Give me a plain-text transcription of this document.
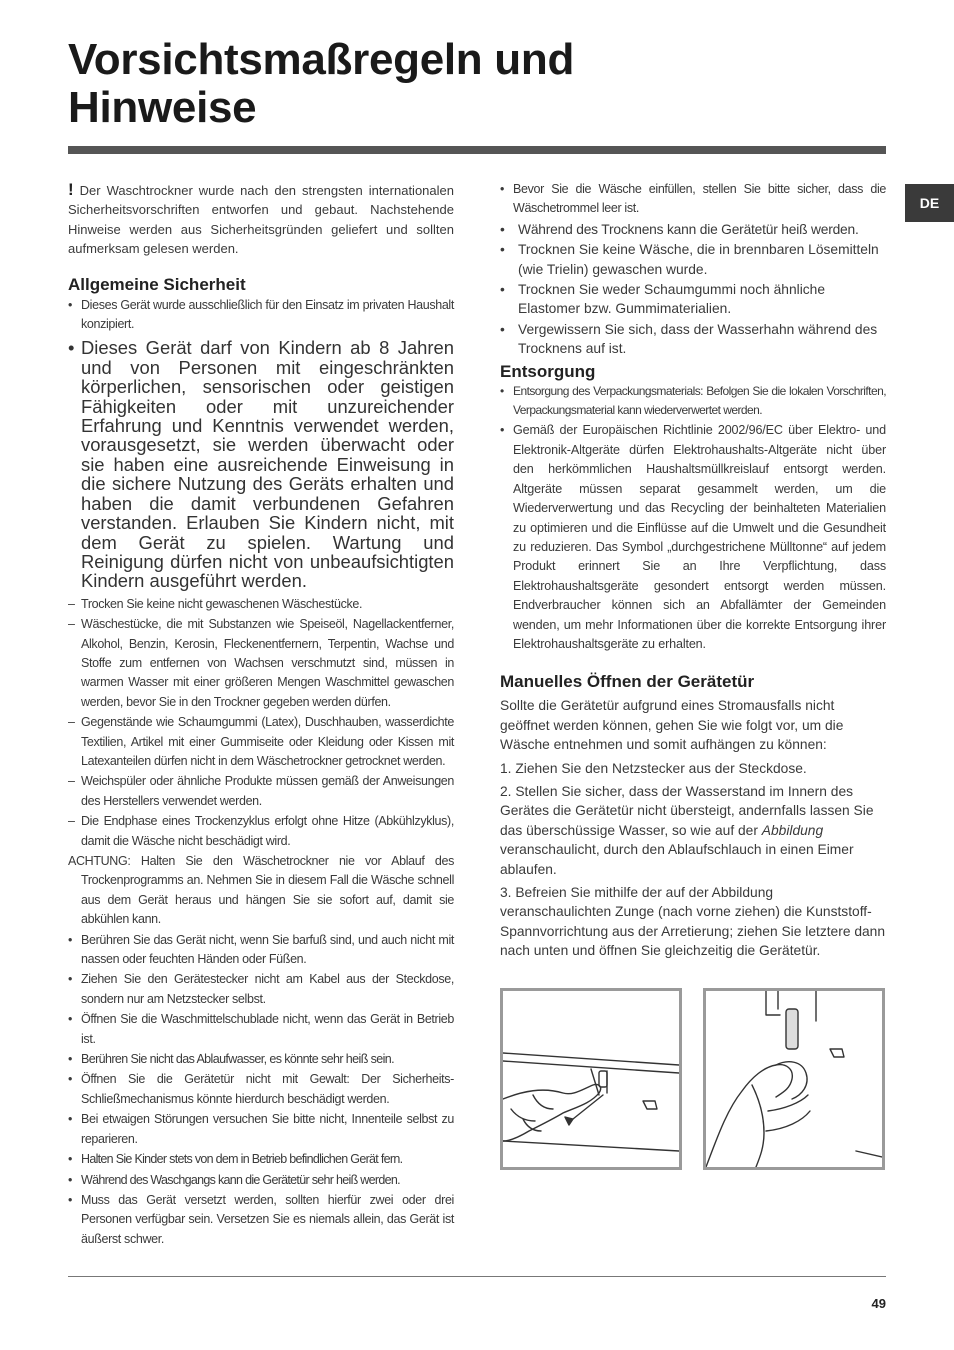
Vorsichtsmaßregeln und
Hinweise
DE

! Der Waschtrockner wurde nach den strengsten internationalen Sicherheitsvorschriften entworfen und gebaut. Nachstehende Hinweise werden aus Sicherheitsgründen geliefert und sollten aufmerksam gelesen werden.

Allgemeine Sicherheit
• Dieses Gerät wurde ausschließlich für den Einsatz im privaten Haushalt konzipiert.
• Dieses Gerät darf von Kindern ab 8 Jahren und von Personen mit eingeschränkten körperlichen, sensorischen oder geistigen Fähigkeiten oder mit unzureichender Erfahrung und Kenntnis verwendet werden, vorausgesetzt, sie werden überwacht oder sie haben eine ausreichende Einweisung in die sichere Nutzung des Geräts erhalten und haben die damit verbundenen Gefahren verstanden. Erlauben Sie Kindern nicht, mit dem Gerät zu spielen. Wartung und Reinigung dürfen nicht von unbeaufsichtigten Kindern ausgeführt werden.
– Trocken Sie keine nicht gewaschenen Wäschestücke.
– Wäschestücke, die mit Substanzen wie Speiseöl, Nagellackentferner, Alkohol, Benzin, Kerosin, Fleckenentfernern, Terpentin, Wachse und Stoffe zum entfernen von Wachsen verschmutzt sind, müssen in warmen Wasser mit einer größeren Mengen Waschmittel gewaschen werden, bevor Sie in den Trockner gegeben werden dürfen.
– Gegenstände wie Schaumgummi (Latex), Duschhauben, wasserdichte Textilien, Artikel mit einer Gummiseite oder Kleidung oder Kissen mit Latexanteilen dürfen nicht in dem Wäschetrockner getrocknet werden.
– Weichspüler oder ähnliche Produkte müssen gemäß der Anweisungen des Herstellers verwendet werden.
– Die Endphase eines Trockenzyklus erfolgt ohne Hitze (Abkühlzyklus), damit die Wäsche nicht beschädigt wird.

ACHTUNG: Halten Sie den Wäschetrockner nie vor Ablauf des Trockenprogramms an. Nehmen Sie in diesem Fall die Wäsche schnell aus dem Gerät heraus und hängen Sie sie sofort auf, damit sie abkühlen kann.

• Berühren Sie das Gerät nicht, wenn Sie barfuß sind, und auch nicht mit nassen oder feuchten Händen oder Füßen.
• Ziehen Sie den Gerätestecker nicht am Kabel aus der Steckdose, sondern nur am Netzstecker selbst.
• Öffnen Sie die Waschmittelschublade nicht, wenn das Gerät in Betrieb ist.
• Berühren Sie nicht das Ablaufwasser, es könnte sehr heiß sein.
• Öffnen Sie die Gerätetür nicht mit Gewalt: Der Sicherheits-Schließmechanismus könnte hierdurch beschädigt werden.
• Bei etwaigen Störungen versuchen Sie bitte nicht, Innenteile selbst zu reparieren.
• Halten Sie Kinder stets von dem in Betrieb befindlichen Gerät fern.
• Während des Waschgangs kann die Gerätetür sehr heiß werden.
• Muss das Gerät versetzt werden, sollten hierfür zwei oder drei Personen verfügbar sein. Versetzen Sie es niemals allein, das Gerät ist äußerst schwer.
• Bevor Sie die Wäsche einfüllen, stellen Sie bitte sicher, dass die Wäschetrommel leer ist.
• Während des Trocknens kann die Gerätetür heiß werden.
• Trocknen Sie keine Wäsche, die in brennbaren Lösemitteln (wie Trielin) gewaschen wurde.
• Trocknen Sie weder Schaumgummi noch ähnliche Elastomer bzw. Gummimaterialien.
• Vergewissern Sie sich, dass der Wasserhahn während des Trocknens auf ist.
Entsorgung
• Entsorgung des Verpackungsmaterials: Befolgen Sie die lokalen Vorschriften, Verpackungsmaterial kann wiederverwertet werden.
• Gemäß der Europäischen Richtlinie 2002/96/EC über Elektro- und Elektronik-Altgeräte dürfen Elektrohaushalts-Altgeräte nicht über den herkömmlichen Haushaltsmüllkreislauf entsorgt werden. Altgeräte müssen separat gesammelt werden, um die Wiederverwertung und das Recycling der beinhalteten Materialien zu optimieren und die Einflüsse auf die Umwelt und die Gesundheit zu reduzieren. Das Symbol „durchgestrichene Mülltonne“ auf jedem Produkt erinnert Sie an Ihre Verpflichtung, dass Elektrohaushaltsgeräte gesondert entsorgt werden müssen. Endverbraucher können sich an Abfallämter der Gemeinden wenden, um mehr Informationen über die korrekte Entsorgung ihrer Elektrohaushaltsgeräte zu erhalten.
Manuelles Öffnen der Gerätetür

Sollte die Gerätetür aufgrund eines Stromausfalls nicht geöffnet werden können, gehen Sie wie folgt vor, um die Wäsche entnehmen und somit aufhängen zu können:

1. Ziehen Sie den Netzstecker aus der Steckdose.

2. Stellen Sie sicher, dass der Wasserstand im Innern des Gerätes die Gerätetür nicht übersteigt, andernfalls lassen Sie das überschüssige Wasser, so wie auf der Abbildung veranschaulicht, durch den Ablaufschlauch in einen Eimer ablaufen.

3. Befreien Sie mithilfe der auf der Abbildung veranschaulichten Zunge (nach vorne ziehen) die Kunststoff-Spannvorrichtung aus der Arretierung; ziehen Sie letztere dann nach unten und öffnen Sie gleichzeitig die Gerätetür.

49
